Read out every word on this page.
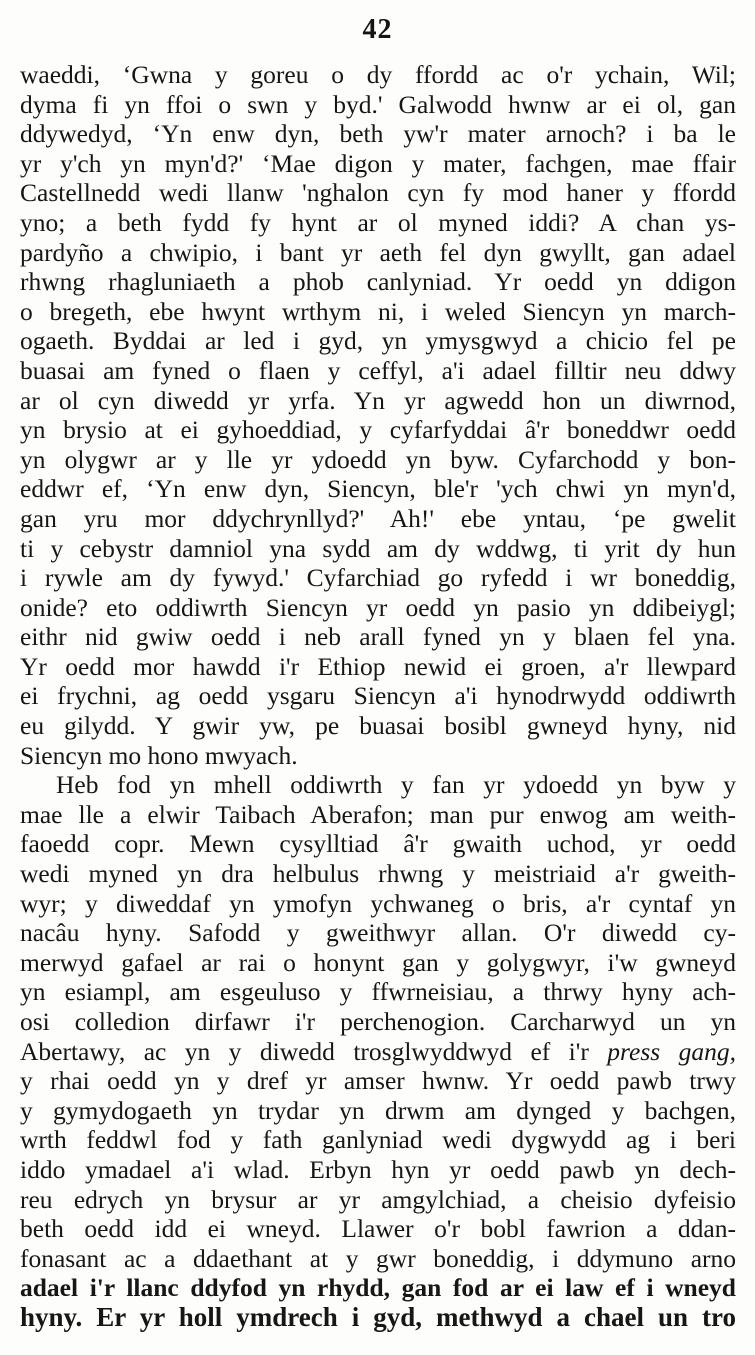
42
waeddi, ‘Gwna y goreu o dy ffordd ac o'r ychain, Wil;
dyma fi yn ffoi o swn y byd.' Galwodd hwnw ar ei ol, gan
ddywedyd, ‘Yn enw dyn, beth yw'r mater arnoch? i ba le
yr y'ch yn myn'd?' ‘Mae digon y mater, fachgen, mae ffair
Castellnedd wedi llanw 'nghalon cyn fy mod haner y ffordd
yno; a beth fydd fy hynt ar ol myned iddi? A chan ys-
pardyño a chwipio, i bant yr aeth fel dyn gwyllt, gan adael
rhwng rhagluniaeth a phob canlyniad. Yr oedd yn ddigon
o bregeth, ebe hwynt wrthym ni, i weled Siencyn yn march-
ogaeth. Byddai ar led i gyd, yn ymysgwyd a chicio fel pe
buasai am fyned o flaen y ceffyl, a'i adael filltir neu ddwy
ar ol cyn diwedd yr yrfa. Yn yr agwedd hon un diwrnod,
yn brysio at ei gyhoeddiad, y cyfarfyddai â'r boneddwr oedd
yn olygwr ar y lle yr ydoedd yn byw. Cyfarchodd y bon-
eddwr ef, ‘Yn enw dyn, Siencyn, ble'r 'ych chwi yn myn'd,
gan yru mor ddychrynllyd?' Ah!' ebe yntau, ‘pe gwelit
ti y cebystr damniol yna sydd am dy wddwg, ti yrit dy hun
i rywle am dy fywyd.' Cyfarchiad go ryfedd i wr boneddig,
onide? eto oddiwrth Siencyn yr oedd yn pasio yn ddibeiygl;
eithr nid gwiw oedd i neb arall fyned yn y blaen fel yna.
Yr oedd mor hawdd i'r Ethiop newid ei groen, a'r llewpard
ei frychni, ag oedd ysgaru Siencyn a'i hynodrwydd oddiwrth
eu gilydd. Y gwir yw, pe buasai bosibl gwneyd hyny, nid
Siencyn mo hono mwyach.
Heb fod yn mhell oddiwrth y fan yr ydoedd yn byw y
mae lle a elwir Taibach Aberafon; man pur enwog am weith-
faoedd copr. Mewn cysylltiad â'r gwaith uchod, yr oedd
wedi myned yn dra helbulus rhwng y meistriaid a'r gweith-
wyr; y diweddaf yn ymofyn ychwaneg o bris, a'r cyntaf yn
nacâu hyny. Safodd y gweithwyr allan. O'r diwedd cy-
merwyd gafael ar rai o honynt gan y golygwyr, i'w gwneyd
yn esiampl, am esgeuluso y ffwrneisiau, a thrwy hyny ach-
osi colledion dirfawr i'r perchenogion. Carcharwyd un yn
Abertawy, ac yn y diwedd trosglwyddwyd ef i'r press gang,
y rhai oedd yn y dref yr amser hwnw. Yr oedd pawb trwy
y gymydogaeth yn trydar yn drwm am dynged y bachgen,
wrth feddwl fod y fath ganlyniad wedi dygwydd ag i beri
iddo ymadael a'i wlad. Erbyn hyn yr oedd pawb yn dech-
reu edrych yn brysur ar yr amgylchiad, a cheisio dyfeisio
beth oedd idd ei wneyd. Llawer o'r bobl fawrion a ddan-
fonasant ac a ddaethant at y gwr boneddig, i ddymuno arno
adael i'r llanc ddyfod yn rhydd, gan fod ar ei law ef i wneyd
hyny. Er yr holl ymdrech i gyd, methwyd a chael un tro
